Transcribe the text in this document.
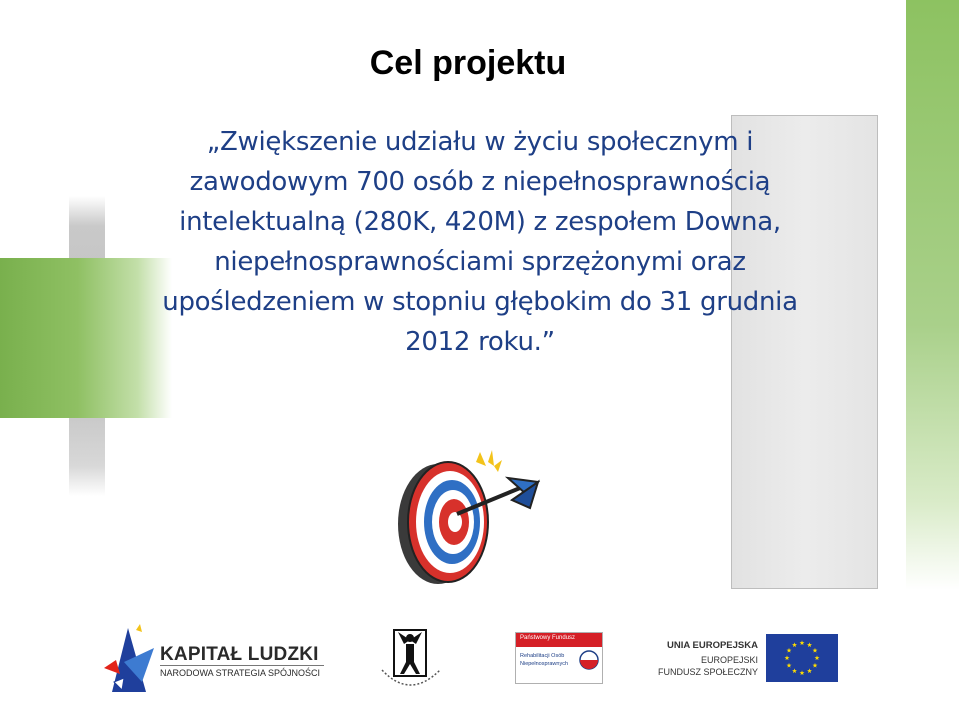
Cel projektu
„Zwiększenie udziału w życiu społecznym i zawodowym 700 osób z niepełnosprawnością intelektualną (280K, 420M) z zespołem Downa, niepełnosprawnościami sprzężonymi oraz upośledzeniem w stopniu głębokim do 31 grudnia 2012 roku.”
KAPITAŁ LUDZKI
NARODOWA STRATEGIA SPÓJNOŚCI
Państwowy Fundusz
Rehabilitacji Osób
Niepełnosprawnych
UNIA EUROPEJSKA
EUROPEJSKI
FUNDUSZ SPOŁECZNY
